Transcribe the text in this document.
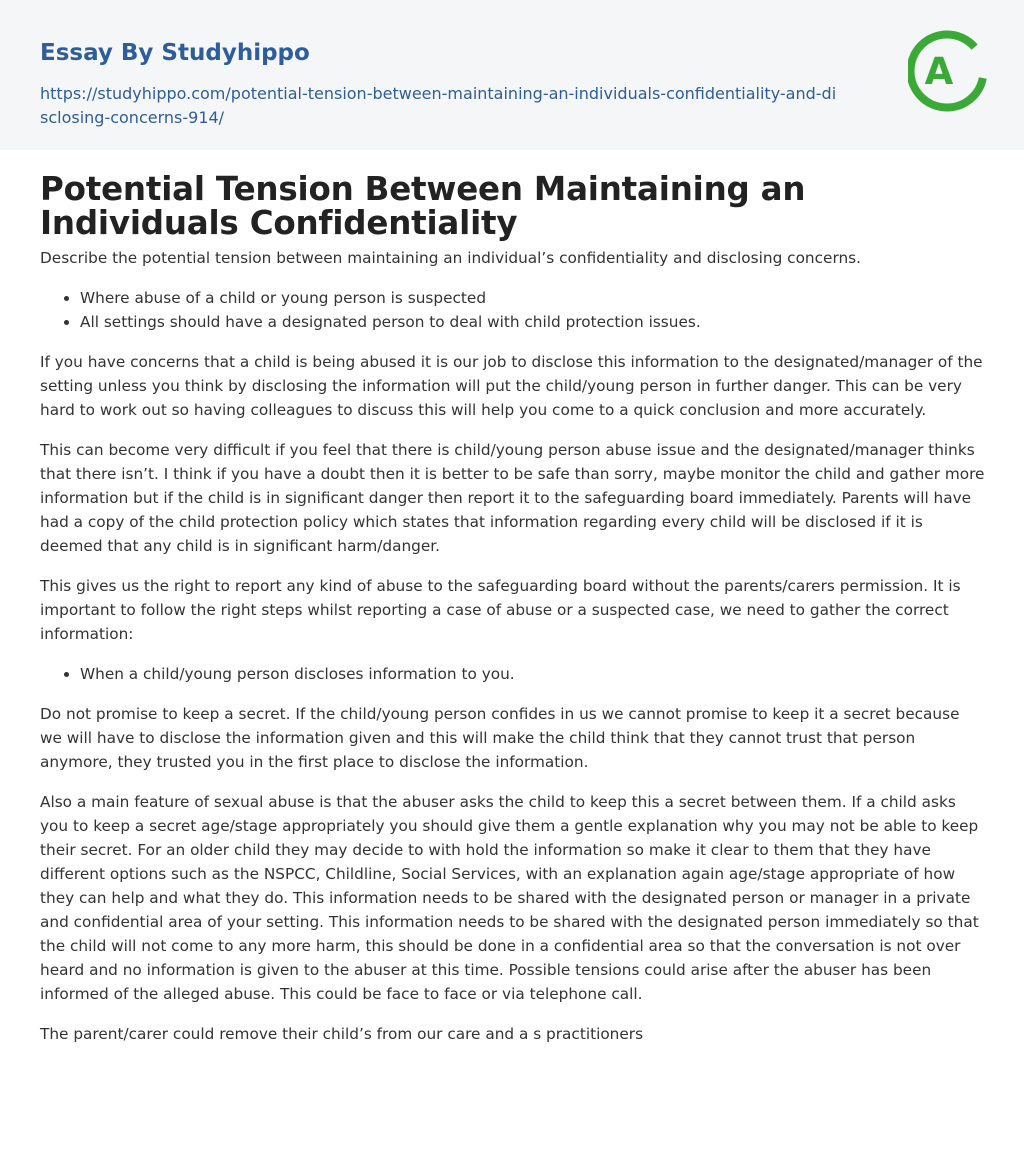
Essay By Studyhippo
https://studyhippo.com/potential-tension-between-maintaining-an-individuals-confidentiality-and-disclosing-concerns-914/
A
Potential Tension Between Maintaining an Individuals Confidentiality

Describe the potential tension between maintaining an individual’s confidentiality and disclosing concerns.

• Where abuse of a child or young person is suspected
• All settings should have a designated person to deal with child protection issues.

If you have concerns that a child is being abused it is our job to disclose this information to the designated/manager of the setting unless you think by disclosing the information will put the child/young person in further danger. This can be very hard to work out so having colleagues to discuss this will help you come to a quick conclusion and more accurately.

This can become very difficult if you feel that there is child/young person abuse issue and the designated/manager thinks that there isn’t. I think if you have a doubt then it is better to be safe than sorry, maybe monitor the child and gather more information but if the child is in significant danger then report it to the safeguarding board immediately. Parents will have had a copy of the child protection policy which states that information regarding every child will be disclosed if it is deemed that any child is in significant harm/danger.

This gives us the right to report any kind of abuse to the safeguarding board without the parents/carers permission. It is important to follow the right steps whilst reporting a case of abuse or a suspected case, we need to gather the correct information:

• When a child/young person discloses information to you.

Do not promise to keep a secret. If the child/young person confides in us we cannot promise to keep it a secret because we will have to disclose the information given and this will make the child think that they cannot trust that person anymore, they trusted you in the first place to disclose the information.

Also a main feature of sexual abuse is that the abuser asks the child to keep this a secret between them. If a child asks you to keep a secret age/stage appropriately you should give them a gentle explanation why you may not be able to keep their secret. For an older child they may decide to with hold the information so make it clear to them that they have different options such as the NSPCC, Childline, Social Services, with an explanation again age/stage appropriate of how they can help and what they do. This information needs to be shared with the designated person or manager in a private and confidential area of your setting. This information needs to be shared with the designated person immediately so that the child will not come to any more harm, this should be done in a confidential area so that the conversation is not over heard and no information is given to the abuser at this time. Possible tensions could arise after the abuser has been informed of the alleged abuse. This could be face to face or via telephone call.

The parent/carer could remove their child’s from our care and a s practitioners
